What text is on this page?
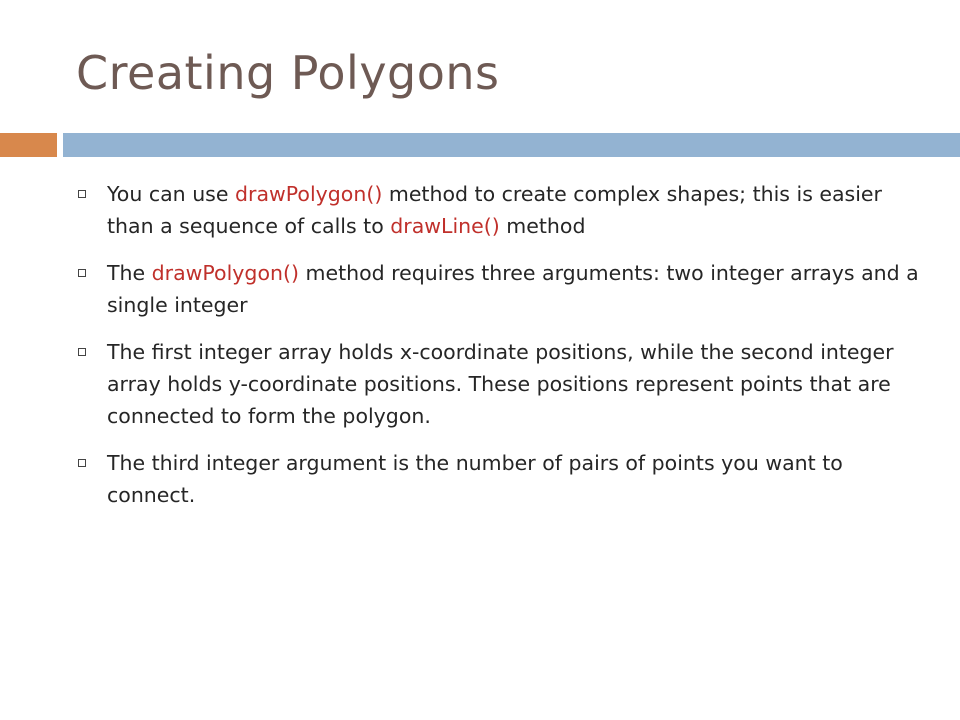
Creating Polygons
You can use drawPolygon() method to create complex shapes; this is easier than a sequence of calls to drawLine() method
The drawPolygon() method requires three arguments: two integer arrays and a single integer
The first integer array holds x-coordinate positions, while the second integer array holds y-coordinate positions. These positions represent points that are connected to form the polygon.
The third integer argument is the number of pairs of points you want to connect.
